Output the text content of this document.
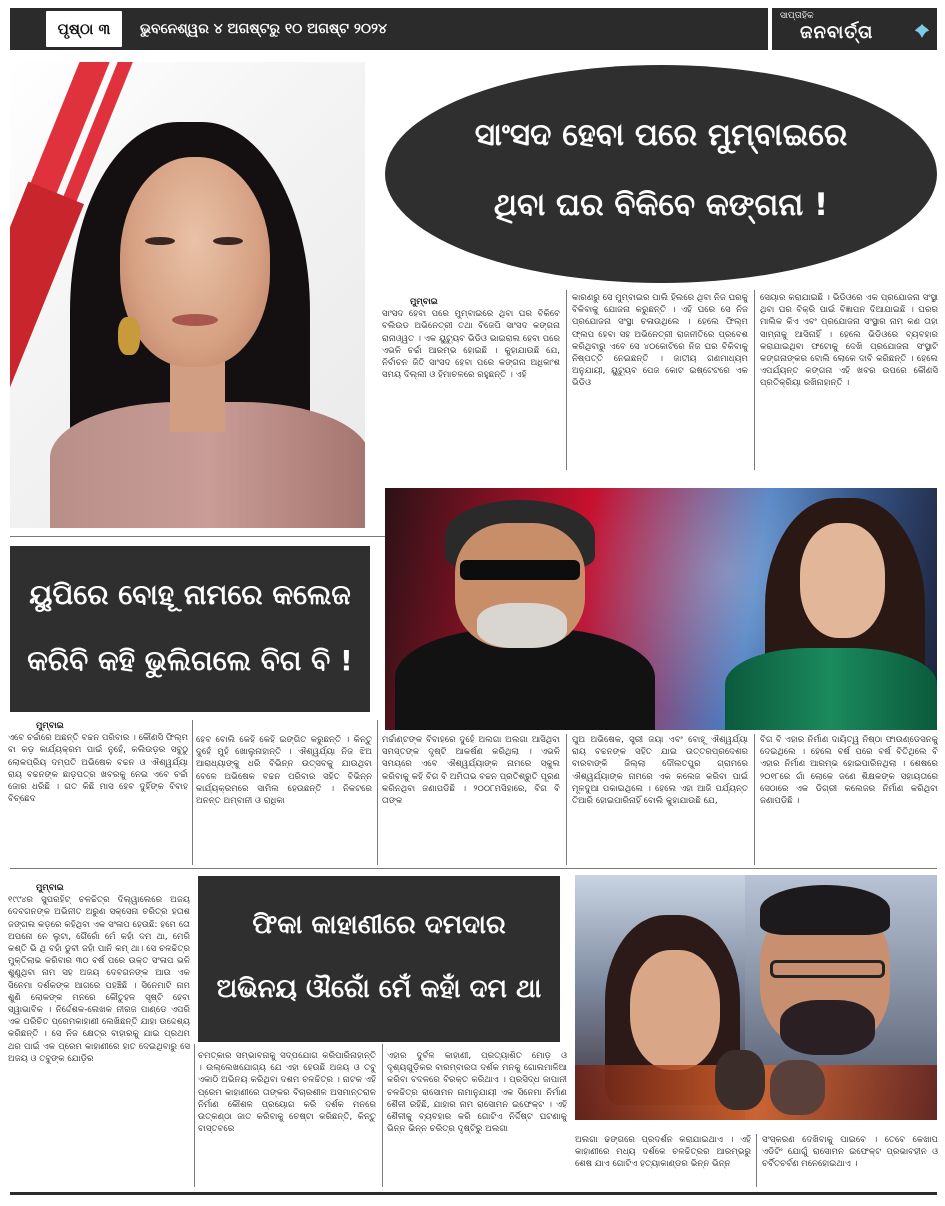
ପୃଷ୍ଠା ୩	ଭୁବନେଶ୍ୱର ୪ ଅଗଷ୍ଟରୁ ୧୦ ଅଗଷ୍ଟ ୨୦୨୪
ସାପ୍ତାହିକ
ଜନବାର୍ତ୍ତା
ସାଂସଦ ହେବା ପରେ ମୁମ୍ବାଇରେ
ଥିବା ଘର ବିକିବେ କଙ୍ଗନା !
ମୁମ୍ବାଇ
ସାଂସଦ ହେବା ପରେ ମୁମ୍ବାଇରେ ଥିବା ଘର ବିକିବେ ବଲିଉଡ ଅଭିନେତ୍ରୀ ତଥା ବିଜେପି ସାଂସଦ କଙ୍ଗନା ରାନାଓ୍ୱତ । ଏକ ୟୁଟ୍ୟୁବ ଭିଡିଓ ଭାଇରାଲ ହେବା ପରେ ଏଭଳି ଚର୍ଚ୍ଚା ଆରମ୍ଭ ହୋଇଛି । କୁହାଯାଉଛି ଯେ, ନିର୍ବାଚନ ଜିତି ସାଂସଦ ହେବା ପରେ କଙ୍ଗନା ଅଧିକାଂଶ ସମୟ ଦିଲ୍ଲୀ ଓ ହିମାଚଳରେ ରହୁଛନ୍ତି । ଏହି
କାରଣରୁ ସେ ମୁମ୍ବାଇର ପାଲି ହିଲରେ ଥିବା ନିଜ ଘରକୁ ବିକିବାକୁ ଯୋଜନା କରୁଛନ୍ତି । ଏହି ଘରେ ସେ ନିଜ ପ୍ରଯୋଜନା ସଂସ୍ଥା ଚଳାଉଥିଲେ । ହେଲେ ଫିଲ୍ମ ଫ୍ଲପ ହେବା ସହ ଅଭିନେତ୍ରୀ ରାଜନୀତିରେ ପ୍ରବେଶ କରିଥିବାରୁ ଏବେ ସେ ୪୦କୋଟିରେ ନିଜ ଘର ବିକିବାକୁ ନିଷ୍ପତ୍ତି ନେଇଛନ୍ତି । ଜାତୀୟ ଗଣମାଧ୍ୟମ ଅନୁଯାୟୀ, ୟୁଟ୍ୟୁବ ପେଜ କୋଟ ଇଷ୍ଟେଟରେ ଏକ ଭିଡିଓ
ସେୟାର କରାଯାଇଛି । ଭିଡିଓରେ ଏକ ପ୍ରଯୋଜନା ସଂସ୍ଥା ଥିବା ଘର ବିକ୍ରି ପାଇଁ ବିଜ୍ଞାପନ ଦିଆଯାଇଛି । ଘରର ମାଲିକ କିଏ ଏବଂ ପ୍ରଯୋଜନା ସଂସ୍ଥାର ନାମ କଣ ତାହା ସାମ୍ନାକୁ ଆସିନାହିଁ । ହେଲେ ଭିଡିଓରେ ବ୍ୟବହାର କରାଯାଇଥିବା ଫଟୋକୁ ଦେଖି ପ୍ରଯୋଜନା ସଂସ୍ଥାଟି କଙ୍ଗନାଙ୍କର ବୋଲି ଲୋକେ ଦାବି କରିଛନ୍ତି । ହେଲେ ଏପର୍ଯ୍ୟନ୍ତ କଙ୍ଗନା ଏହି ଖବର ଉପରେ କୌଣସି ପ୍ରତିକ୍ରିୟା ରଖିନାହାନ୍ତି ।
ୟୁପିରେ ବୋହୂ ନାମରେ କଲେଜ
କରିବି କହି ଭୁଲିଗଲେ ବିଗ ବି !
ମୁମ୍ବାଇ
ଏବେ ଚର୍ଚ୍ଚାରେ ଅଛନ୍ତି ବଚ୍ଚନ ପରିବାର । କୌଣସି ଫିଲ୍ମ ବା କଡ଼ କାର୍ଯ୍ୟକ୍ରମ ପାଇଁ ନୁହେଁ, କଲିଉଡ଼ର ସବୁଠୁ ଲୋକପ୍ରିୟ ଦମ୍ପତି ଅଭିଷେକ ବଚ୍ଚନ ଓ ଐଶ୍ୱର୍ଯ୍ୟା ରାୟ ବଚ୍ଚନଙ୍କ ଛାଡ଼ପତ୍ର ଖବରକୁ ନେଇ ଏବେ ଚର୍ଚ୍ଚା ଜୋର ଧରିଛି । ଗତ କିଛି ମାସ ହେବ ଦୁହିଁଙ୍କ ବିବାହ ବିଚ୍ଛେଦ
ହେବ ବୋଲି କେହି କେହି ଇଙ୍ଗିତ କରୁଛନ୍ତି । କିନ୍ତୁ ଦୁହେଁ ମୁହଁ ଖୋଲୁନାହାନ୍ତି । ଐଶ୍ୱର୍ଯ୍ୟା ନିଜ ଝିଅ ଆରାଧ୍ୟାଙ୍କୁ ଧରି ବିଭିନ୍ନ ଉତ୍ସବକୁ ଯାଉଥିବା ବେଳେ ଅଭିଷେକ ବଚ୍ଚନ ପରିବାର ସହିତ ବିଭିନ୍ନ କାର୍ଯ୍ୟକ୍ରମରେ ସାମିଲ ହେଉଛନ୍ତି । ନିକଟରେ ଅନନ୍ତ ଅମ୍ବାନୀ ଓ ରାଧିକା
ମର୍ଚ୍ଚାଣ୍ଟଙ୍କ ବିବାହରେ ଦୁହେଁ ଅଲଗା ଅଲଗା ଆସିଥିବା ସମସ୍ତଙ୍କ ଦୃଷ୍ଟି ଆକର୍ଷଣ କରିଥିଲା । ଏଭଳି ସମୟରେ ଏବେ ଐଶ୍ୱର୍ଯ୍ୟାଙ୍କ ନାମରେ ସ୍କୁଲ କରିବାକୁ କହି ବିଗ ବି ଅମିତାଭ ବଚ୍ଚନ ପ୍ରତିଶ୍ରୁତି ପୂରଣ କରିନଥିବା ଜଣାପଡିଛି । ୨୦୦୮ମସିହାରେ, ବିଗ ବି ତାଙ୍କ
ପୁଅ ଅଭିଷେକ, ସ୍ତ୍ରୀ ଜୟା ଏବଂ ବୋହୂ ଐଶ୍ୱର୍ଯ୍ୟା ରାୟ ବଚ୍ଚନଙ୍କ ସହିତ ଯାଇ ଉତ୍ତରପ୍ରଦେଶର ବାରବାଙ୍କି ଜିଲ୍ଲା ଦୌଲତପୁର ଗ୍ରାମରେ ଐଶ୍ୱର୍ଯ୍ୟାଙ୍କ ନାମରେ ଏକ କଲେଜ କରିବା ପାଇଁ ମୂଳଦୁଆ ପକାଇଥିଲେ । ହେଲେ ଏହା ଆଜି ପର୍ଯ୍ୟନ୍ତ ତିଆରି ହୋଇପାରିନାହିଁ ବୋଲି କୁହାଯାଉଛି ଯେ,
ବିଗ ବି ଏହାର ନିର୍ମାଣ ଦାୟିତ୍ୱ ନିଷ୍ଠା ଫାଉଣ୍ଡେସନକୁ ଦେଇଥିଲେ । ହେଲେ ବର୍ଷ ପରେ ବର୍ଷ ବିତିଥିଲେ ବି ଏହାର ନିର୍ମାଣ ଆରମ୍ଭ ହୋଇପାରିନଥିଲା । ଶେଷରେ ୨୦୧୮ରେ ଗାଁ ଲୋକେ ଜଣେ ଶିକ୍ଷକଙ୍କ ସହାୟତାରେ ସେଠାରେ ଏକ ଡିଗ୍ରୀ କଲେଜର ନିର୍ମାଣ କରିଥିବା ଜଣାପଡିଛି ।
ମୁମ୍ବାଇ
୧୯୯୪ର ସୁପରହିଟ୍ ଚଳଚ୍ଚିତ୍ର ଦିଲ୍‌ୱାଲେରେ ଅଜୟ ଦେବଗନଙ୍କ ଅଭିନୀତ ଅରୁଣ ସକ୍ସେନା ଚରିତ୍ର ହତାଶ ଜଙ୍ଗଲ କଡ଼ରେ କହିଥିବା ଏକ ସଂଳାପ ହେଉଛି: ହମେ ତୋ ଅପନୋ ନେ ଲୁଟା, ଗୈରୋଁ ମେଁ କହାଁ ଦମ ଥା, ମେରି କଶ୍ତି ଭି ଥି ବହାଁ ଡୁବୀ ଜହାଁ ପାନି କମ୍ ଥା। ସେ ଚଳଚ୍ଚିତ୍ର ମୁକ୍ତିଲାଭ କରିବାର ୩୦ ବର୍ଷ ପରେ ଉକ୍ତ ସଂଳାପ ଭଳି ଶୁଣୁଥିବା ନାମ ସହ ଅଜୟ ଦେବଗନଙ୍କ ଆଉ ଏକ ସିନେମା ଦର୍ଶକଙ୍କ ଆଗରେ ପହଞ୍ଚିଛି । ସିନେମାଟି ନାମ ଶୁଣି ଲୋକଙ୍କ ମନରେ କୌତୁହଳ ସୃଷ୍ଟି ହେବା ସ୍ୱାଭାବିକ । ନିର୍ଦ୍ଦେଶକ-ଲେଖକ ନୀରଜ ପାଣ୍ଡେ ଏପରି ଏକ ପରିଚିତ ପ୍ରେମକାହାଣୀ ଲେଖିଛନ୍ତି ଯାହା ଉଦ୍ଦେଶ୍ୟ କରିଛନ୍ତି । ସେ ନିଜ କ୍ଷେତ୍ର ବାହାରକୁ ଯାଇ ପ୍ରଥମ ଥର ପାଇଁ ଏକ ପ୍ରେମ କାହାଣୀରେ ହାତ ଦେଇଥିବାରୁ ସେ ଅଜୟ ଓ ତବୁଙ୍କ ଯୋଡ଼ିର
ଫିକା କାହାଣୀରେ ଦମଦାର
ଅଭିନୟ ଔରୋଁ ମେଁ କହାଁ ଦମ ଥା
ଚମତ୍କାର ସମ୍ଭାବନାକୁ ସଦ୍‌ପଯୋଗ କରିପାରିନାହାନ୍ତି । ଉଲ୍ଲେଖଯୋଗ୍ୟ ଯେ ଏହା ହେଉଛି ଅଜୟ ଓ ତବୁ ଏକାଠି ଅଭିନୟ କରିଥିବା ଦଶମ ଚଳଚ୍ଚିତ୍ର । ନାଟକ ଏହି ପ୍ରେମ କାହାଣୀରେ ତାଙ୍କର ବିଚାରଶୀଳ ଅସମାନ୍ତରାଳ ନିର୍ମାଣ କୌଶଳ ପ୍ରୟୋଗ କରି ଦର୍ଶକ ମନରେ ଉତ୍କଣ୍ଠା ଜାତ କରିବାକୁ ଚେଷ୍ଟା କରିଛନ୍ତି, କିନ୍ତୁ ବାସ୍ତବରେ
ଏହାର ଦୁର୍ବଳ କାହାଣୀ, ପ୍ରତ୍ୟାଶିତ ମୋଡ଼ ଓ ଦୃଶ୍ୟଗୁଡ଼ିକର ବାରମ୍ବାରତା ଦର୍ଶକ ମନକୁ ଗୋଲମାଳିଆ କରିବା ବଦଳରେ ବିରକ୍ତ କରିଥାଏ । ପ୍ରସିଦ୍ଧ ଜାପାନୀ ଚଳଚ୍ଚିତ୍ର ରାସୋମନ ନାମାନୁଯାୟୀ ଏକ ସିନେମା ନିର୍ମାଣ ଶୈଳୀ ରହିଛି, ଯାହାର ନାମ ରାସୋମନ ଇଫେକ୍ଟ । ଏହି ଶୈଳୀକୁ ବ୍ୟବହାର କରି ଗୋଟିଏ ନିର୍ଦ୍ଦିଷ୍ଟ ଘଟଣାକୁ ଭିନ୍ନ ଭିନ୍ନ ଚରିତ୍ର ଦୃଷ୍ଟିରୁ ଅଲଗା
ଅଲଗା ଢଙ୍ଗରେ ପ୍ରଦର୍ଶନ କରାଯାଇଥାଏ । ଏହି କାହାଣୀରେ ମଧ୍ୟ ଦର୍ଶକେ ଚଳଚ୍ଚିତ୍ରର ଆରମ୍ଭରୁ ଶେଷ ଯାଏ ଗୋଟିଏ ହତ୍ୟାକାଣ୍ଡର ଭିନ୍ନ ଭିନ୍ନ
ସଂସ୍କରଣ ଦେଖିବାକୁ ପାଇବେ । ତେବେ କେଖାପ ଏଡିଟିଂ ଯୋଗୁଁ ରାସୋମନ ଇଫେକ୍ଟ ପ୍ରଭାବହୀନ ଓ ଚର୍ବିତଚର୍ବଣ ମନେହୋଇଥାଏ ।
